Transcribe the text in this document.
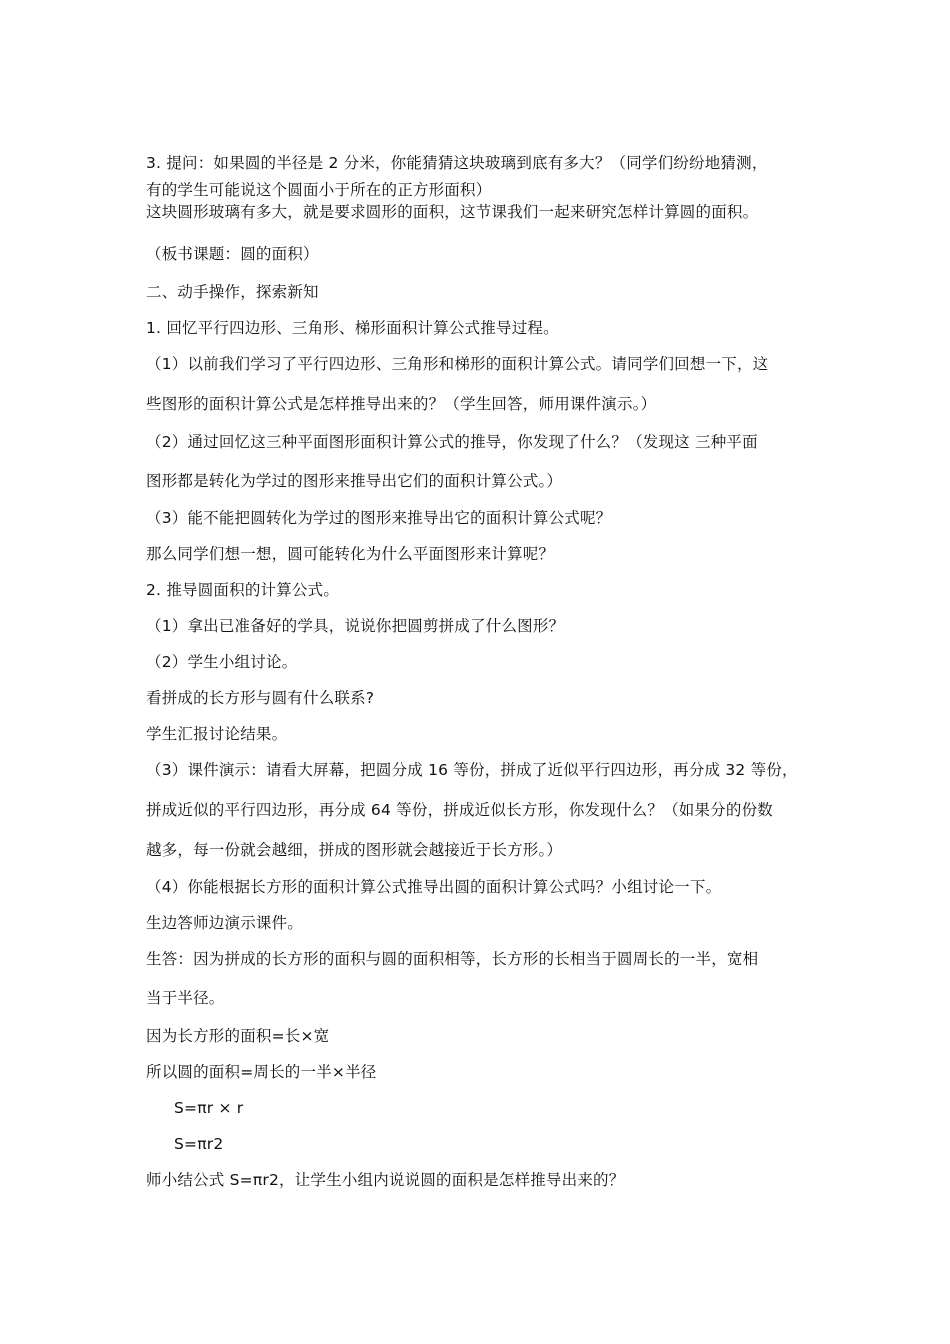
3. 提问：如果圆的半径是 2 分米，你能猜猜这块玻璃到底有多大？（同学们纷纷地猜测，
有的学生可能说这个圆面小于所在的正方形面积）
这块圆形玻璃有多大，就是要求圆形的面积，这节课我们一起来研究怎样计算圆的面积。
（板书课题：圆的面积）
二、动手操作，探索新知
1. 回忆平行四边形、三角形、梯形面积计算公式推导过程。
（1）以前我们学习了平行四边形、三角形和梯形的面积计算公式。请同学们回想一下，这
些图形的面积计算公式是怎样推导出来的？（学生回答，师用课件演示。）
（2）通过回忆这三种平面图形面积计算公式的推导，你发现了什么？（发现这 三种平面
图形都是转化为学过的图形来推导出它们的面积计算公式。）
（3）能不能把圆转化为学过的图形来推导出它的面积计算公式呢？
那么同学们想一想，圆可能转化为什么平面图形来计算呢？
2. 推导圆面积的计算公式。
（1）拿出已准备好的学具，说说你把圆剪拼成了什么图形？
（2）学生小组讨论。
看拼成的长方形与圆有什么联系?
学生汇报讨论结果。
（3）课件演示：请看大屏幕，把圆分成 16 等份，拼成了近似平行四边形，再分成 32 等份，
拼成近似的平行四边形，再分成 64 等份，拼成近似长方形，你发现什么？（如果分的份数
越多，每一份就会越细，拼成的图形就会越接近于长方形。）
（4）你能根据长方形的面积计算公式推导出圆的面积计算公式吗？小组讨论一下。
生边答师边演示课件。
生答：因为拼成的长方形的面积与圆的面积相等，长方形的长相当于圆周长的一半，宽相
当于半径。
因为长方形的面积=长×宽
所以圆的面积=周长的一半×半径
S=πr × r
S=πr2
师小结公式 S=πr2，让学生小组内说说圆的面积是怎样推导出来的？
